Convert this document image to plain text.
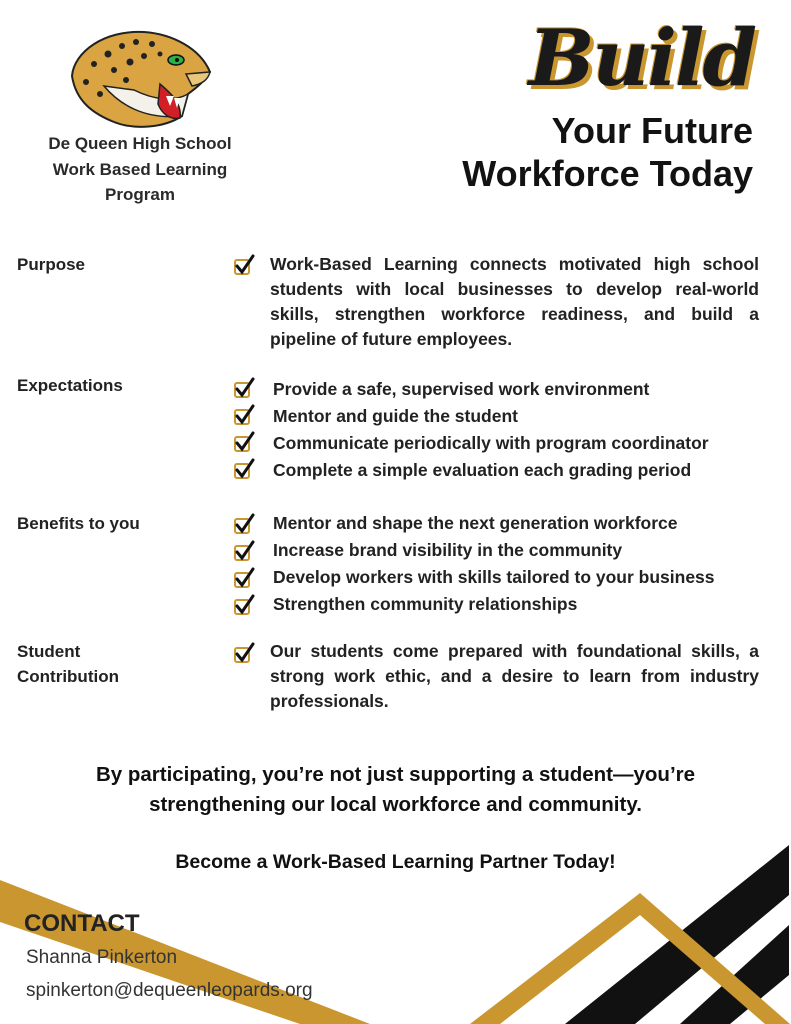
De Queen High School
Work Based Learning
Program
Build
Your Future
Workforce Today
Purpose	Work-Based Learning connects motivated high school students with local businesses to develop real-world skills, strengthen workforce readiness, and build a pipeline of future employees.
Expectations	Provide a safe, supervised work environment
Mentor and guide the student
Communicate periodically with program coordinator
Complete a simple evaluation each grading period
Benefits to you	Mentor and shape the next generation workforce
Increase brand visibility in the community
Develop workers with skills tailored to your business
Strengthen community relationships
Student
Contribution
Our students come prepared with foundational skills, a strong work ethic, and a desire to learn from industry professionals.
By participating, you’re not just supporting a student—you’re
strengthening our local workforce and community.
Become a Work-Based Learning Partner Today!
CONTACT
Shanna Pinkerton
spinkerton@dequeenleopards.org
